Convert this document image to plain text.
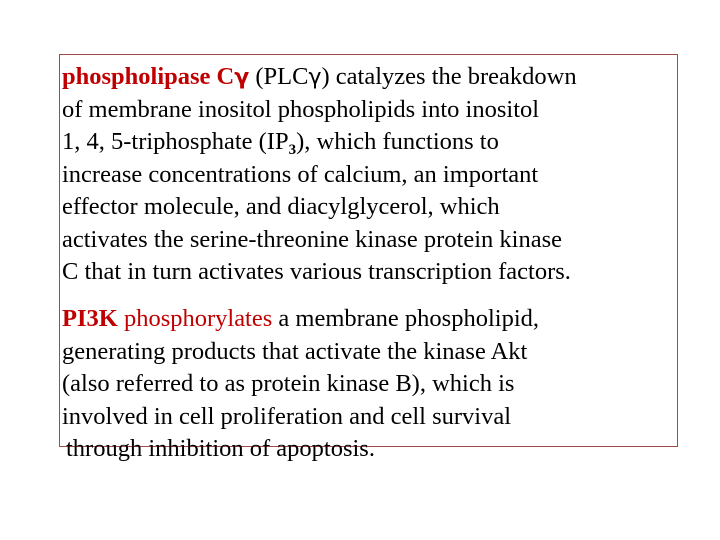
phospholipase Cγ (PLCγ) catalyzes the breakdown
of membrane inositol phospholipids into inositol
1, 4, 5-triphosphate $(IP_3)$, which functions to
increase concentrations of calcium, an important
effector molecule, and diacylglycerol, which
activates the serine-threonine kinase protein kinase
C that in turn activates various transcription factors.

PI3K phosphorylates a membrane phospholipid,
generating products that activate the kinase Akt
(also referred to as protein kinase B), which is
involved in cell proliferation and cell survival
through inhibition of apoptosis.
